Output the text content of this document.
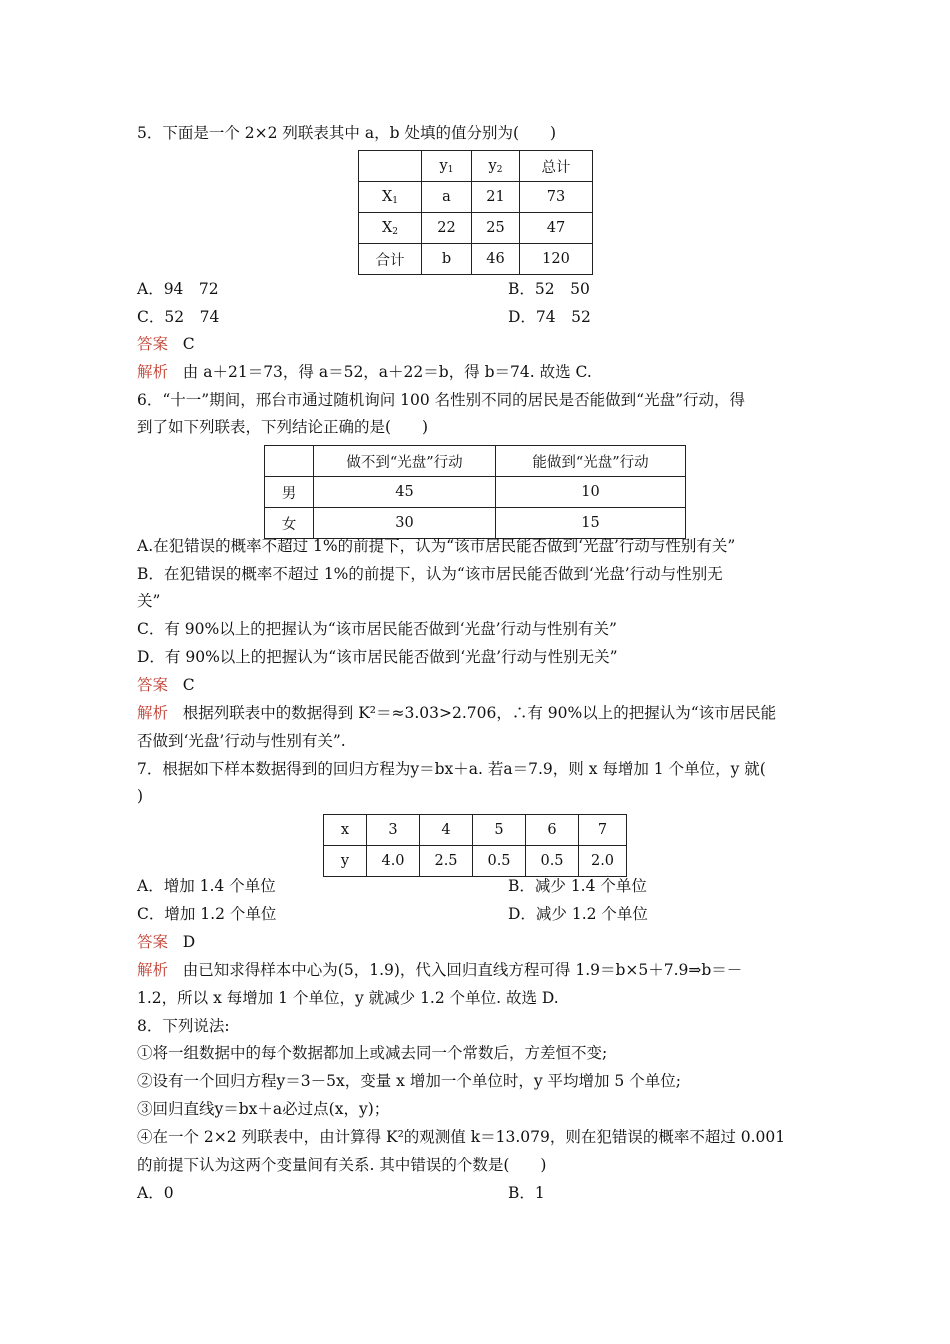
5．下面是一个 2×2 列联表其中 a，b 处填的值分别为(　　)
	$y_1$	$y_2$	总计
$X_1$	a	21	73
$X_2$	22	25	47
合计	b	46	120
A．94　72	B．52　50
C．52　74	D．74　52
答案 C
解析 由 a＋21＝73，得 a＝52，a＋22＝b，得 b＝74. 故选 C.
6．“十一”期间，邢台市通过随机询问 100 名性别不同的居民是否能做到“光盘”行动，得
到了如下列联表，下列结论正确的是(　　)
	做不到“光盘”行动	能做到“光盘”行动
男	45	10
女	30	15
A.在犯错误的概率不超过 1%的前提下，认为“该市居民能否做到‘光盘’行动与性别有关”
B．在犯错误的概率不超过 1%的前提下，认为“该市居民能否做到‘光盘’行动与性别无
关”
C．有 90%以上的把握认为“该市居民能否做到‘光盘’行动与性别有关”
D．有 90%以上的把握认为“该市居民能否做到‘光盘’行动与性别无关”
答案 C
解析 根据列联表中的数据得到 K²＝≈3.03>2.706，∴有 90%以上的把握认为“该市居民能
否做到‘光盘’行动与性别有关”.
7．根据如下样本数据得到的回归方程为y＝bx＋a. 若a＝7.9，则 x 每增加 1 个单位，y 就(
)
x	3	4	5	6	7
y	4.0	2.5	0.5	0.5	2.0
A．增加 1.4 个单位	B．减少 1.4 个单位
C．增加 1.2 个单位	D．减少 1.2 个单位
答案 D
解析 由已知求得样本中心为(5，1.9)，代入回归直线方程可得 1.9＝b×5＋7.9⇒b＝－
1.2，所以 x 每增加 1 个单位，y 就减少 1.2 个单位. 故选 D.
8．下列说法:
①将一组数据中的每个数据都加上或减去同一个常数后，方差恒不变;
②设有一个回归方程y＝3－5x，变量 x 增加一个单位时，y 平均增加 5 个单位;
③回归直线y＝bx＋a必过点(x，y)；
④在一个 2×2 列联表中，由计算得 K²的观测值 k＝13.079，则在犯错误的概率不超过 0.001
的前提下认为这两个变量间有关系. 其中错误的个数是(　　)
A．0	B．1
